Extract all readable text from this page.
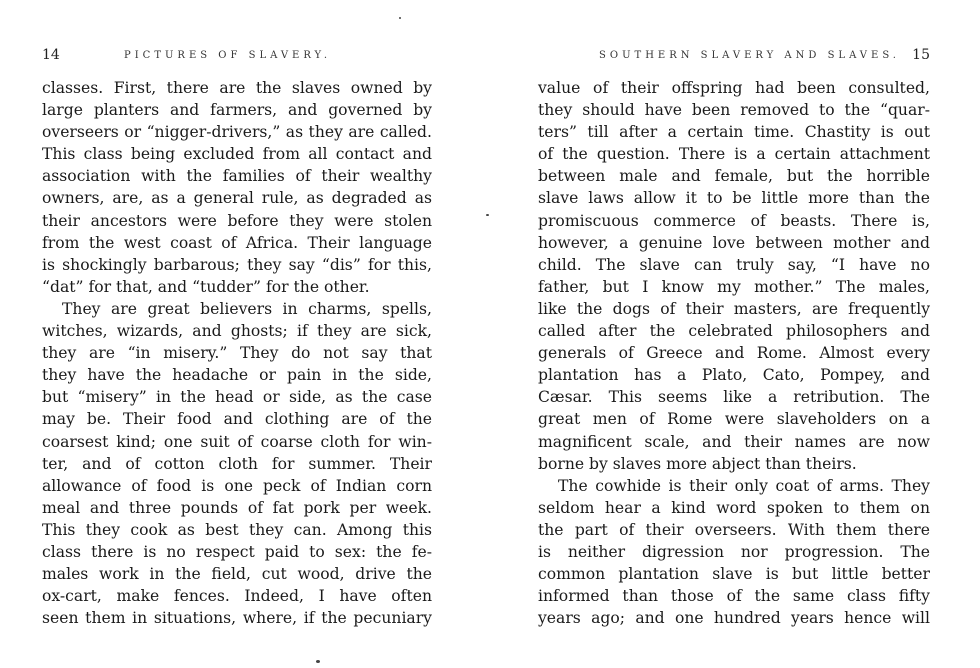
14	PICTURES OF SLAVERY.
classes. First, there are the slaves owned by
large planters and farmers, and governed by
overseers or “nigger-drivers,” as they are called.
This class being excluded from all contact and
association with the families of their wealthy
owners, are, as a general rule, as degraded as
their ancestors were before they were stolen
from the west coast of Africa. Their language
is shockingly barbarous; they say “dis” for this,
“dat” for that, and “tudder” for the other.
They are great believers in charms, spells,
witches, wizards, and ghosts; if they are sick,
they are “in misery.” They do not say that
they have the headache or pain in the side,
but “misery” in the head or side, as the case
may be. Their food and clothing are of the
coarsest kind; one suit of coarse cloth for win-
ter, and of cotton cloth for summer. Their
allowance of food is one peck of Indian corn
meal and three pounds of fat pork per week.
This they cook as best they can. Among this
class there is no respect paid to sex: the fe-
males work in the field, cut wood, drive the
ox-cart, make fences. Indeed, I have often
seen them in situations, where, if the pecuniary
SOUTHERN SLAVERY AND SLAVES. 15
value of their offspring had been consulted,
they should have been removed to the “quar-
ters” till after a certain time. Chastity is out
of the question. There is a certain attachment
between male and female, but the horrible
slave laws allow it to be little more than the
promiscuous commerce of beasts. There is,
however, a genuine love between mother and
child. The slave can truly say, “I have no
father, but I know my mother.” The males,
like the dogs of their masters, are frequently
called after the celebrated philosophers and
generals of Greece and Rome. Almost every
plantation has a Plato, Cato, Pompey, and
Cæsar. This seems like a retribution. The
great men of Rome were slaveholders on a
magnificent scale, and their names are now
borne by slaves more abject than theirs.
The cowhide is their only coat of arms. They
seldom hear a kind word spoken to them on
the part of their overseers. With them there
is neither digression nor progression. The
common plantation slave is but little better
informed than those of the same class fifty
years ago; and one hundred years hence will
